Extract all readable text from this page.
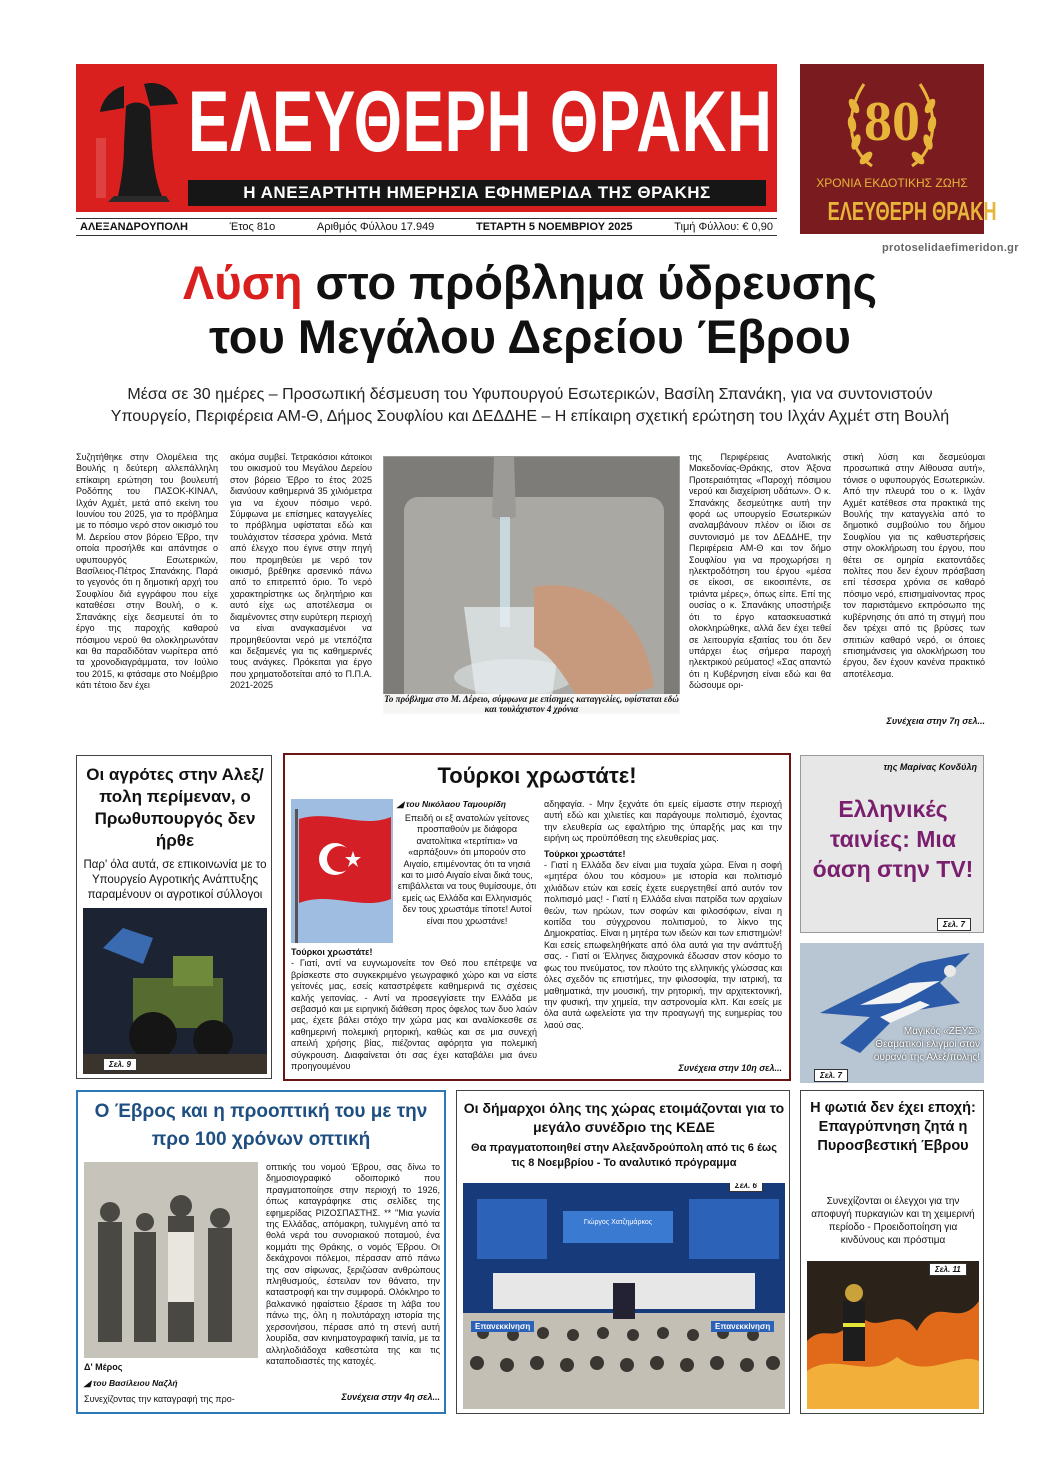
ΕΛΕΥΘΕΡΗ ΘΡΑΚΗ
Η ΑΝΕΞΑΡΤΗΤΗ ΗΜΕΡΗΣΙΑ ΕΦΗΜΕΡΙΔΑ ΤΗΣ ΘΡΑΚΗΣ
80
ΧΡΟΝΙΑ ΕΚΔΟΤΙΚΗΣ ΖΩΗΣ
ΕΛΕΥΘΕΡΗ ΘΡΑΚΗ
ΑΛΕΞΑΝΔΡΟΥΠΟΛΗ	Έτος 81ο	Αριθμός Φύλλου 17.949	ΤΕΤΑΡΤΗ 5 ΝΟΕΜΒΡΙΟΥ 2025	Τιμή Φύλλου: € 0,90
protoselidaefimeridon.gr
Λύση στο πρόβλημα ύδρευσης
του Μεγάλου Δερείου Έβρου
Μέσα σε 30 ημέρες – Προσωπική δέσμευση του Υφυπουργού Εσωτερικών, Βασίλη Σπανάκη, για να συντονιστούν
Υπουργείο, Περιφέρεια ΑΜ-Θ, Δήμος Σουφλίου και ΔΕΔΔΗΕ – Η επίκαιρη σχετική ερώτηση του Ιλχάν Αχμέτ στη Βουλή
Συζητήθηκε στην Ολομέλεια της Βουλής η δεύτερη αλλεπάλληλη επίκαιρη ερώτηση του βουλευτή Ροδόπης του ΠΑΣΟΚ-ΚΙΝΑΛ, Ιλχάν Αχμέτ, μετά από εκείνη του Ιουνίου του 2025, για το πρόβλημα με το πόσιμο νερό στον οικισμό του Μ. Δερείου στον βόρειο Έβρο, την οποία προσήλθε και απάντησε ο υφυπουργός Εσωτερικών, Βασίλειος-Πέτρος Σπανάκης. Παρά το γεγονός ότι η δημοτική αρχή του Σουφλίου διά εγγράφου που είχε καταθέσει στην Βουλή, ο κ. Σπανάκης είχε δεσμευτεί ότι το έργο της παροχής καθαρού πόσιμου νερού θα ολοκληρωνόταν και θα παραδιδόταν νωρίτερα από τα χρονοδιαγράμματα, τον Ιούλιο του 2015, κι φτάσαμε στο Νοέμβριο κάτι τέτοιο δεν έχει
ακόμα συμβεί. Τετρακόσιοι κάτοικοι του οικισμού του Μεγάλου Δερείου στον βόρειο Έβρο το έτος 2025 διανύουν καθημερινά 35 χιλιόμετρα για να έχουν πόσιμο νερό. Σύμφωνα με επίσημες καταγγελίες το πρόβλημα υφίσταται εδώ και τουλάχιστον τέσσερα χρόνια. Μετά από έλεγχο που έγινε στην πηγή που προμηθεύει με νερό τον οικισμό, βρέθηκε αρσενικό πάνω από το επιτρεπτό όριο. Το νερό χαρακτηρίστηκε ως δηλητήριο και αυτό είχε ως αποτέλεσμα οι διαμένοντες στην ευρύτερη περιοχή να είναι αναγκασμένοι να προμηθεύονται νερό με ντεπόζιτα και δεξαμενές για τις καθημερινές τους ανάγκες. Πρόκειται για έργο που χρηματοδοτείται από το Π.Π.Α. 2021-2025
Το πρόβλημα στο Μ. Δέρειο, σύμφωνα με επίσημες καταγγελίες, υφίσταται εδώ και τουλάχιστον 4 χρόνια
της Περιφέρειας Ανατολικής Μακεδονίας-Θράκης, στον Άξονα Προτεραιότητας «Παροχή πόσιμου νερού και διαχείριση υδάτων». Ο κ. Σπανάκης δεσμεύτηκε αυτή την φορά ως υπουργείο Εσωτερικών αναλαμβάνουν πλέον οι ίδιοι σε συντονισμό με τον ΔΕΔΔΗΕ, την Περιφέρεια ΑΜ-Θ και τον δήμο Σουφλίου για να προχωρήσει η ηλεκτροδότηση του έργου «μέσα σε είκοσι, σε εικοσιπέντε, σε τριάντα μέρες», όπως είπε. Επί της ουσίας ο κ. Σπανάκης υποστήριξε ότι το έργο κατασκευαστικά ολοκληρώθηκε, αλλά δεν έχει τεθεί σε λειτουργία εξαιτίας του ότι δεν υπάρχει έως σήμερα παροχή ηλεκτρικού ρεύματος! «Σας απαντώ ότι η Κυβέρνηση είναι εδώ και θα δώσουμε ορι-
στική λύση και δεσμεύομαι προσωπικά στην Αίθουσα αυτή», τόνισε ο υφυπουργός Εσωτερικών. Από την πλευρά του ο κ. Ιλχάν Αχμέτ κατέθεσε στα πρακτικά της Βουλής την καταγγελία από το δημοτικό συμβούλιο του δήμου Σουφλίου για τις καθυστερήσεις στην ολοκλήρωση του έργου, που θέτει σε ομηρία εκατοντάδες πολίτες που δεν έχουν πρόσβαση επί τέσσερα χρόνια σε καθαρό πόσιμο νερό, επισημαίνοντας προς τον παριστάμενο εκπρόσωπο της κυβέρνησης ότι από τη στιγμή που δεν τρέχει από τις βρύσες των σπιτιών καθαρό νερό, οι όποιες επισημάνσεις για ολοκλήρωση του έργου, δεν έχουν κανένα πρακτικό αποτέλεσμα.
Συνέχεια στην 7η σελ...
Οι αγρότες στην Αλεξ/πολη περίμεναν, ο Πρωθυπουργός δεν ήρθε
Παρ' όλα αυτά, σε επικοινωνία με το Υπουργείο Αγροτικής Ανάπτυξης παραμένουν οι αγροτικοί σύλλογοι
Σελ. 9
Τούρκοι χρωστάτε!
◢ του Νικόλαου Ταμουρίδη
Επειδή οι εξ ανατολών γείτονες προσπαθούν με διάφορα ανατολίτικα «τερτίπια» να «αρπάξουν» ότι μπορούν στο Αιγαίο, επιμένοντας ότι τα νησιά και το μισό Αιγαίο είναι δικά τους, επιβάλλεται να τους θυμίσουμε, ότι εμείς ως Ελλάδα και Ελληνισμός δεν τους χρωστάμε τίποτε! Αυτοί είναι που χρωστάνε!
Τούρκοι χρωστάτε!
- Γιατί, αντί να ευγνωμονείτε τον Θεό που επέτρεψε να βρίσκεστε στο συγκεκριμένο γεωγραφικό χώρο και να είστε γείτονές μας, εσείς καταστρέφετε καθημερινά τις σχέσεις καλής γειτονίας. - Αντί να προσεγγίσετε την Ελλάδα με σεβασμό και με ειρηνική διάθεση προς όφελος των δυο λαών μας, έχετε βάλει στόχο την χώρα μας και αναλίσκεσθε σε καθημερινή πολεμική ρητορική, καθώς και σε μια συνεχή απειλή χρήσης βίας, πιέζοντας αφόρητα για πολεμική σύγκρουση. Διαφαίνεται ότι σας έχει καταβάλει μια άνευ προηγουμένου
αδηφαγία. - Μην ξεχνάτε ότι εμείς είμαστε στην περιοχή αυτή εδώ και χιλιετίες και παράγουμε πολιτισμό, έχοντας την ελευθερία ως εφαλτήριο της ύπαρξής μας και την ειρήνη ως προϋπόθεση της ελευθερίας μας.
Τούρκοι χρωστάτε!
- Γιατί η Ελλάδα δεν είναι μια τυχαία χώρα. Είναι η σοφή «μητέρα όλου του κόσμου» με ιστορία και πολιτισμό χιλιάδων ετών και εσείς έχετε ευεργετηθεί από αυτόν τον πολιτισμό μας! - Γιατί η Ελλάδα είναι πατρίδα των αρχαίων θεών, των ηρώων, των σοφών και φιλοσόφων, είναι η κοιτίδα του σύγχρονου πολιτισμού, το λίκνο της Δημοκρατίας. Είναι η μητέρα των ιδεών και των επιστημών! Και εσείς επωφεληθήκατε από όλα αυτά για την ανάπτυξή σας. - Γιατί οι Έλληνες διαχρονικά έδωσαν στον κόσμο το φως του πνεύματος, τον πλούτο της ελληνικής γλώσσας και όλες σχεδόν τις επιστήμες, την φιλοσοφία, την ιατρική, τα μαθηματικά, την μουσική, την ρητορική, την αρχιτεκτονική, την φυσική, την χημεία, την αστρονομία κλπ. Και εσείς με όλα αυτά ωφελείστε για την προαγωγή της ευημερίας του λαού σας.
Συνέχεια στην 10η σελ...
της Μαρίνας Κονδύλη
Ελληνικές ταινίες: Μια όαση στην TV!
Σελ. 7
Μαγικός «ΖΕΥΣ» Θεαματικοί ελιγμοί στον ουρανό της Αλεξ/πολης!
Σελ. 7
Ο Έβρος και η προοπτική του με την προ 100 χρόνων οπτική
Δ' Μέρος
◢ του Βασίλειου Ναζλή
Συνεχίζοντας την καταγραφή της προ-
οπτικής του νομού Έβρου, σας δίνω το δημοσιογραφικό οδοιπορικό που πραγματοποίησε στην περιοχή το 1926, όπως καταγράφηκε στις σελίδες της εφημερίδας ΡΙΖΟΣΠΑΣΤΗΣ. ** "Μια γωνία της Ελλάδας, απόμακρη, τυλιγμένη από τα θολά νερά του συνοριακού ποταμού, ένα κομμάτι της Θράκης, ο νομός Έβρου. Οι δεκάχρονοι πόλεμοι, πέρασαν από πάνω της σαν σίφωνας, ξεριζώσαν ανθρώπους πληθυσμούς, έστειλαν τον θάνατο, την καταστροφή και την συμφορά. Ολόκληρο το βαλκανικό ηφαίστειο ξέρασε τη λάβα του πάνω της, όλη η πολυτάραχη ιστορία της χερσονήσου, πέρασε από τη στενή αυτή λουρίδα, σαν κινηματογραφική ταινία, με τα αλληλοδιάδοχα καθεστώτα της και τις καταποδιαστές της κατοχές.
Συνέχεια στην 4η σελ...
Οι δήμαρχοι όλης της χώρας ετοιμάζονται για το μεγάλο συνέδριο της ΚΕΔΕ
Θα πραγματοποιηθεί στην Αλεξανδρούπολη από τις 6 έως τις 8 Νοεμβρίου - Το αναλυτικό πρόγραμμα
Γιώργος Χατζημάρκος
Επανεκκίνηση	Επανεκκίνηση
Σελ. 6
Η φωτιά δεν έχει εποχή: Επαγρύπνηση ζητά η Πυροσβεστική Έβρου
Συνεχίζονται οι έλεγχοι για την αποφυγή πυρκαγιών και τη χειμερινή περίοδο - Προειδοποίηση για κινδύνους και πρόστιμα
Σελ. 11
